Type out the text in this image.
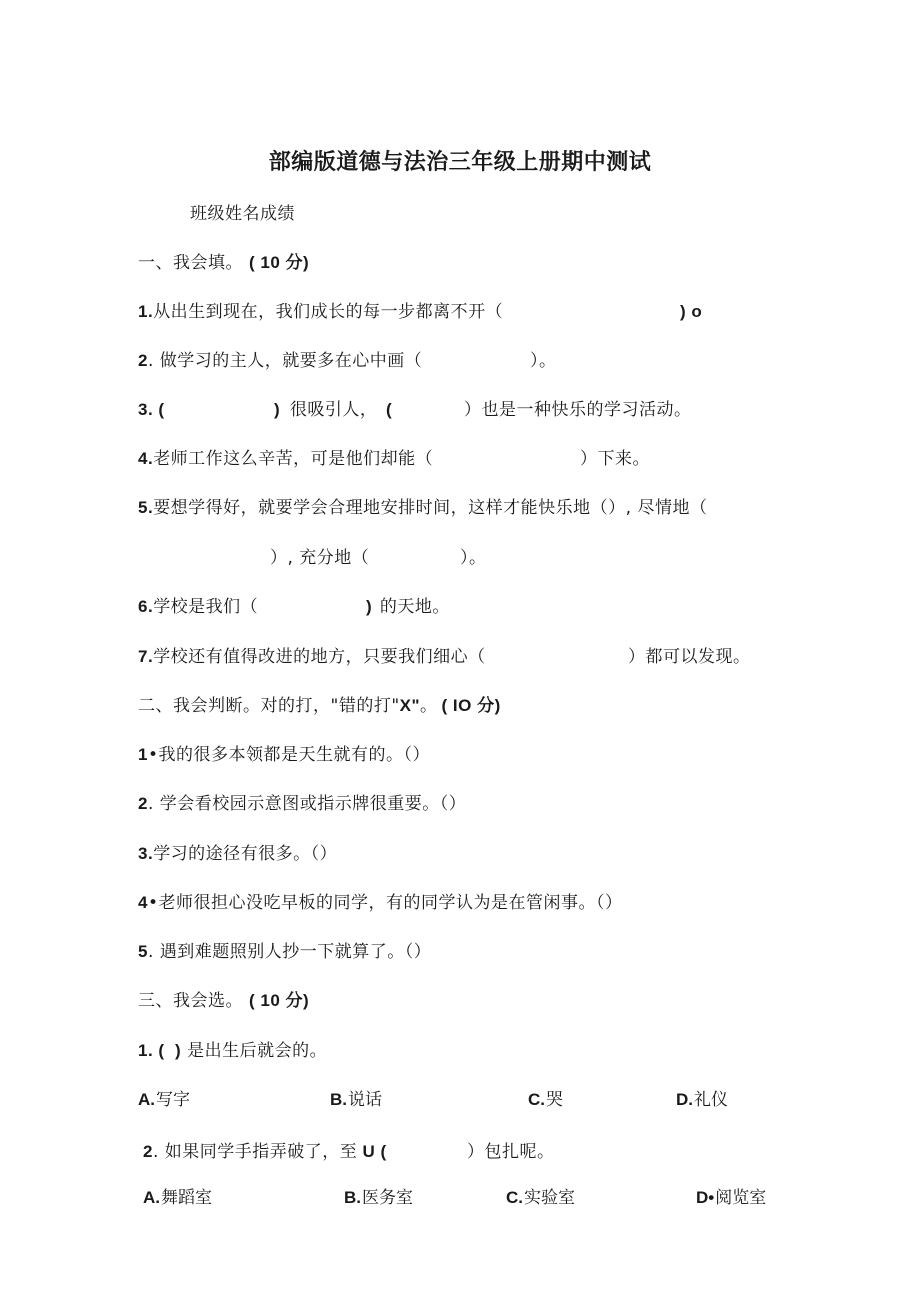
部编版道德与法治三年级上册期中测试
班级姓名成绩
一、我会填。 ( 10 分)
1.从出生到现在，我们成长的每一步都离不开（	) o
2. 做学习的主人，就要多在心中画（	）。
3. (	) 很吸引人， (	）也是一种快乐的学习活动。
4.老师工作这么辛苦，可是他们却能（	）下来。
5.要想学得好，就要学会合理地安排时间，这样才能快乐地（）, 尽情地（
）, 充分地（	）。
6.学校是我们（	) 的天地。
7.学校还有值得改进的地方，只要我们细心（	）都可以发现。
二、我会判断。对的打，"错的打"X"。 ( IO 分)
1•我的很多本领都是天生就有的。（）
2. 学会看校园示意图或指示牌很重要。（）
3.学习的途径有很多。（）
4•老师很担心没吃早板的同学，有的同学认为是在管闲事。（）
5. 遇到难题照别人抄一下就算了。（）
三、我会选。 ( 10 分)
1. (  ) 是出生后就会的。
A.写字	B.说话	C.哭	D.礼仪
2. 如果同学手指弄破了，至 U (	）包扎呢。
A.舞蹈室	B.医务室	C.实验室	D•阅览室
